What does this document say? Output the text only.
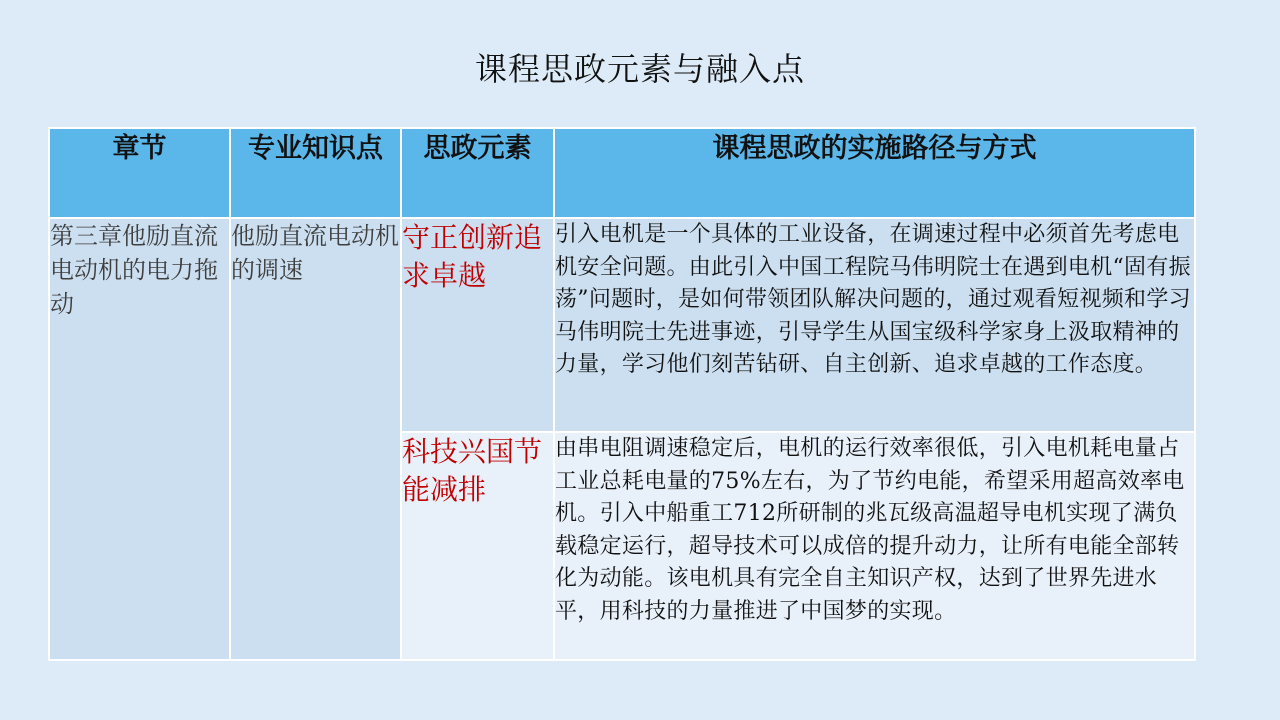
课程思政元素与融入点
章节	专业知识点	思政元素	课程思政的实施路径与方式
第三章他励直流电动机的电力拖动	他励直流电动机的调速	守正创新追求卓越	引入电机是一个具体的工业设备，在调速过程中必须首先考虑电机安全问题。由此引入中国工程院马伟明院士在遇到电机“固有振荡”问题时，是如何带领团队解决问题的，通过观看短视频和学习马伟明院士先进事迹，引导学生从国宝级科学家身上汲取精神的力量，学习他们刻苦钻研、自主创新、追求卓越的工作态度。
		科技兴国节能减排	由串电阻调速稳定后，电机的运行效率很低，引入电机耗电量占工业总耗电量的75%左右，为了节约电能，希望采用超高效率电机。引入中船重工712所研制的兆瓦级高温超导电机实现了满负载稳定运行，超导技术可以成倍的提升动力，让所有电能全部转化为动能。该电机具有完全自主知识产权，达到了世界先进水平，用科技的力量推进了中国梦的实现。
